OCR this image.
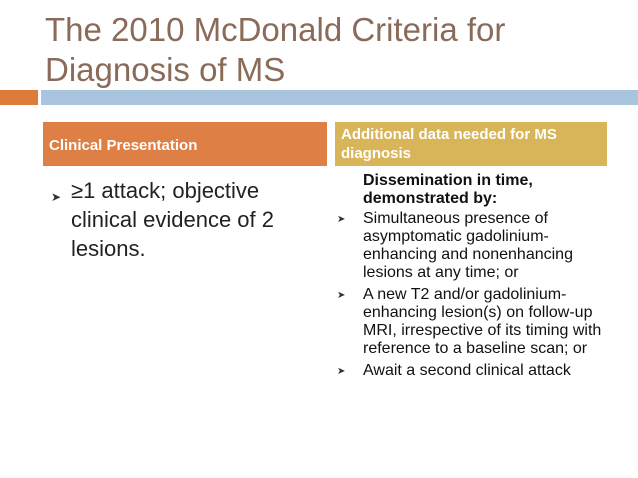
The 2010 McDonald Criteria for
Diagnosis of MS
Clinical Presentation
Additional data needed for MS diagnosis
➤ ≥1 attack; objective clinical evidence of 2 lesions.

Dissemination in time, demonstrated by:

➤ Simultaneous presence of asymptomatic gadolinium-enhancing and nonenhancing lesions at any time; or
➤ A new T2 and/or gadolinium-enhancing lesion(s) on follow-up MRI, irrespective of its timing with reference to a baseline scan; or
➤ Await a second clinical attack
